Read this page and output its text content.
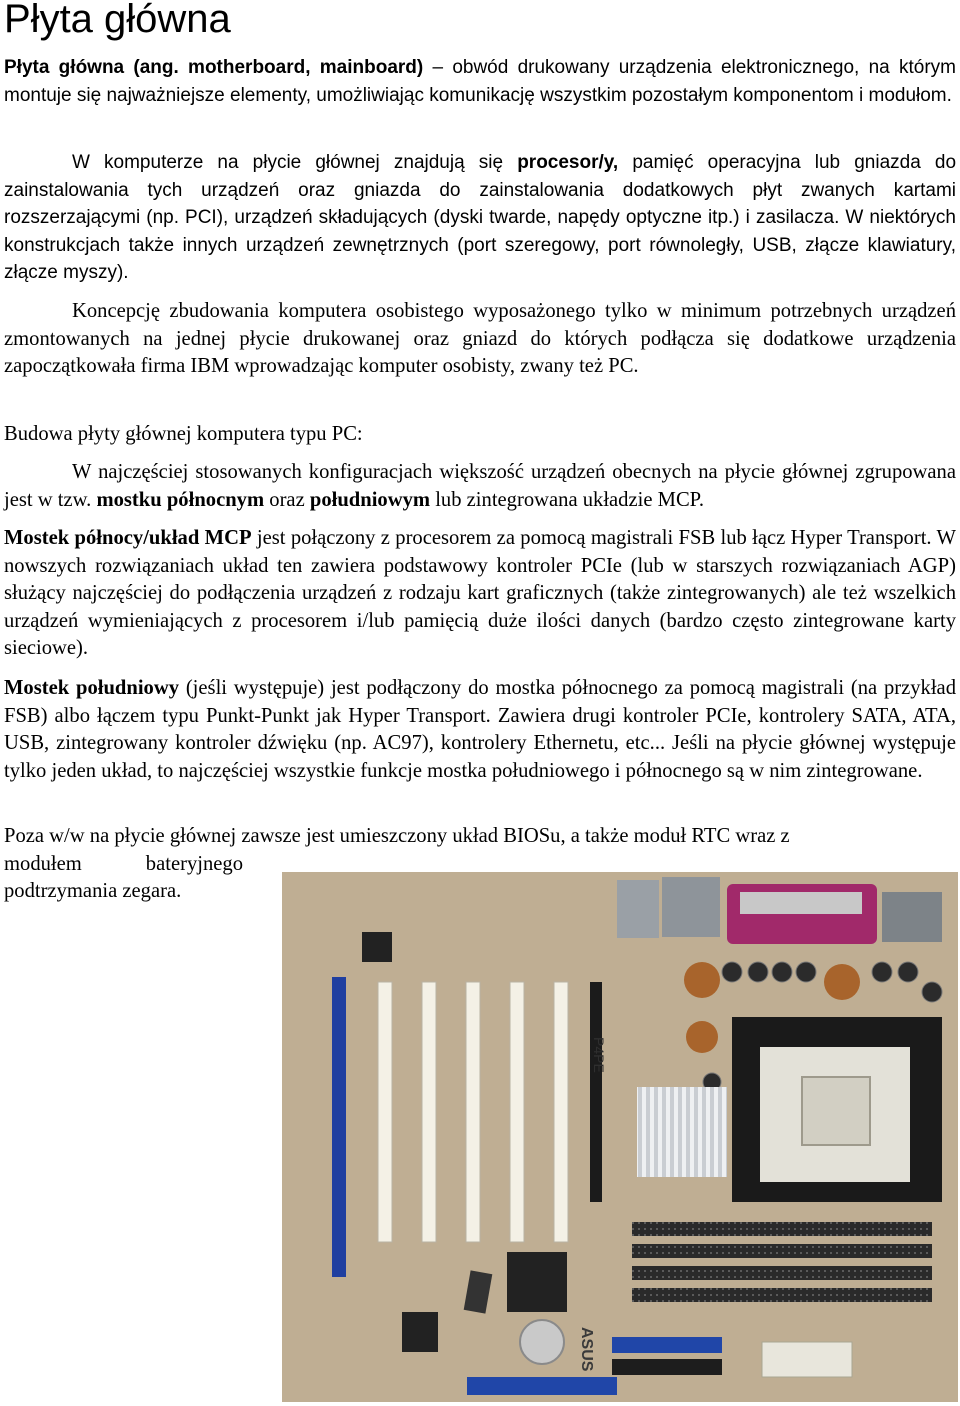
Płyta główna
Płyta główna (ang. motherboard, mainboard) – obwód drukowany urządzenia elektronicznego, na którym montuje się najważniejsze elementy, umożliwiając komunikację wszystkim pozostałym komponentom i modułom.
W komputerze na płycie głównej znajdują się procesor/y, pamięć operacyjna lub gniazda do zainstalowania tych urządzeń oraz gniazda do zainstalowania dodatkowych płyt zwanych kartami rozszerzającymi (np. PCI), urządzeń składujących (dyski twarde, napędy optyczne itp.) i zasilacza. W niektórych konstrukcjach także innych urządzeń zewnętrznych (port szeregowy, port równoległy, USB, złącze klawiatury, złącze myszy).
Koncepcję zbudowania komputera osobistego wyposażonego tylko w minimum potrzebnych urządzeń zmontowanych na jednej płycie drukowanej oraz gniazd do których podłącza się dodatkowe urządzenia zapoczątkowała firma IBM wprowadzając komputer osobisty, zwany też PC.
Budowa płyty głównej komputera typu PC:
W najczęściej stosowanych konfiguracjach większość urządzeń obecnych na płycie głównej zgrupowana jest w tzw. mostku północnym oraz południowym lub zintegrowana układzie MCP.
Mostek północy/układ MCP jest połączony z procesorem za pomocą magistrali FSB lub łącz Hyper Transport. W nowszych rozwiązaniach układ ten zawiera podstawowy kontroler PCIe (lub w starszych rozwiązaniach AGP) służący najczęściej do podłączenia urządzeń z rodzaju kart graficznych (także zintegrowanych) ale też wszelkich urządzeń wymieniających z procesorem i/lub pamięcią duże ilości danych (bardzo często zintegrowane karty sieciowe).
Mostek południowy (jeśli występuje) jest podłączony do mostka północnego za pomocą magistrali (na przykład FSB) albo łączem typu Punkt-Punkt jak Hyper Transport. Zawiera drugi kontroler PCIe, kontrolery SATA, ATA, USB, zintegrowany kontroler dźwięku (np. AC97), kontrolery Ethernetu, etc... Jeśli na płycie głównej występuje tylko jeden układ, to najczęściej wszystkie funkcje mostka południowego i północnego są w nim zintegrowane.
Poza w/w na płycie głównej zawsze jest umieszczony układ BIOSu, a także moduł RTC wraz z
modułem	bateryjnego
podtrzymania zegara.
P4PE
ASUS
